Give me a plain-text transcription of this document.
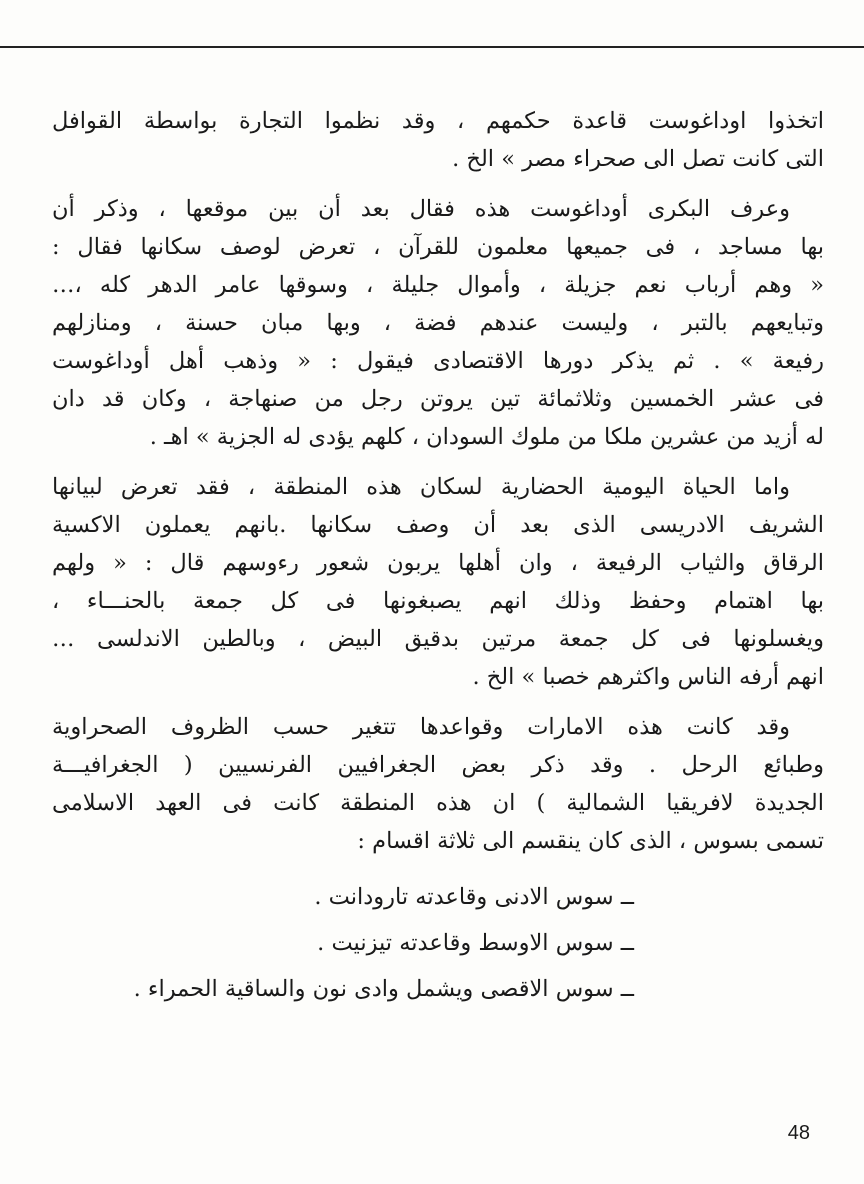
اتخذوا اوداغوست قاعدة حكمهم ، وقد نظموا التجارة بواسطة القوافل
التى كانت تصل الى صحراء مصر » الخ .

وعرف البكرى أوداغوست هذه فقال بعد أن بين موقعها ، وذكر أن
بها مساجد ، فى جميعها معلمون للقرآن ، تعرض لوصف سكانها فقال :
« وهم أرباب نعم جزيلة ، وأموال جليلة ، وسوقها عامر الدهر كله ،…
وتبايعهم بالتبر ، وليست عندهم فضة ، وبها مبان حسنة ، ومنازلهم
رفيعة » . ثم يذكر دورها الاقتصادى فيقول : « وذهب أهل أوداغوست
فى عشر الخمسين وثلاثمائة تين يروتن رجل من صنهاجة ، وكان قد دان
له أزيد من عشرين ملكا من ملوك السودان ، كلهم يؤدى له الجزية » اهـ .

واما الحياة اليومية الحضارية لسكان هذه المنطقة ، فقد تعرض لبيانها
الشريف الادريسى الذى بعد أن وصف سكانها .بانهم يعملون الاكسية
الرقاق والثياب الرفيعة ، وان أهلها يربون شعور رءوسهم قال : « ولهم
بها اهتمام وحفظ وذلك انهم يصبغونها فى كل جمعة بالحنـــاء ،
ويغسلونها فى كل جمعة مرتين بدقيق البيض ، وبالطين الاندلسى …
انهم أرفه الناس واكثرهم خصبا » الخ .

وقد كانت هذه الامارات وقواعدها تتغير حسب الظروف الصحراوية
وطبائع الرحل . وقد ذكر بعض الجغرافيين الفرنسيين ( الجغرافيـــة
الجديدة لافريقيا الشمالية ) ان هذه المنطقة كانت فى العهد الاسلامى
تسمى بسوس ، الذى كان ينقسم الى ثلاثة اقسام :

ــ سوس الادنى وقاعدته تارودانت .
ــ سوس الاوسط وقاعدته تيزنيت .
ــ سوس الاقصى ويشمل وادى نون والساقية الحمراء .
48
